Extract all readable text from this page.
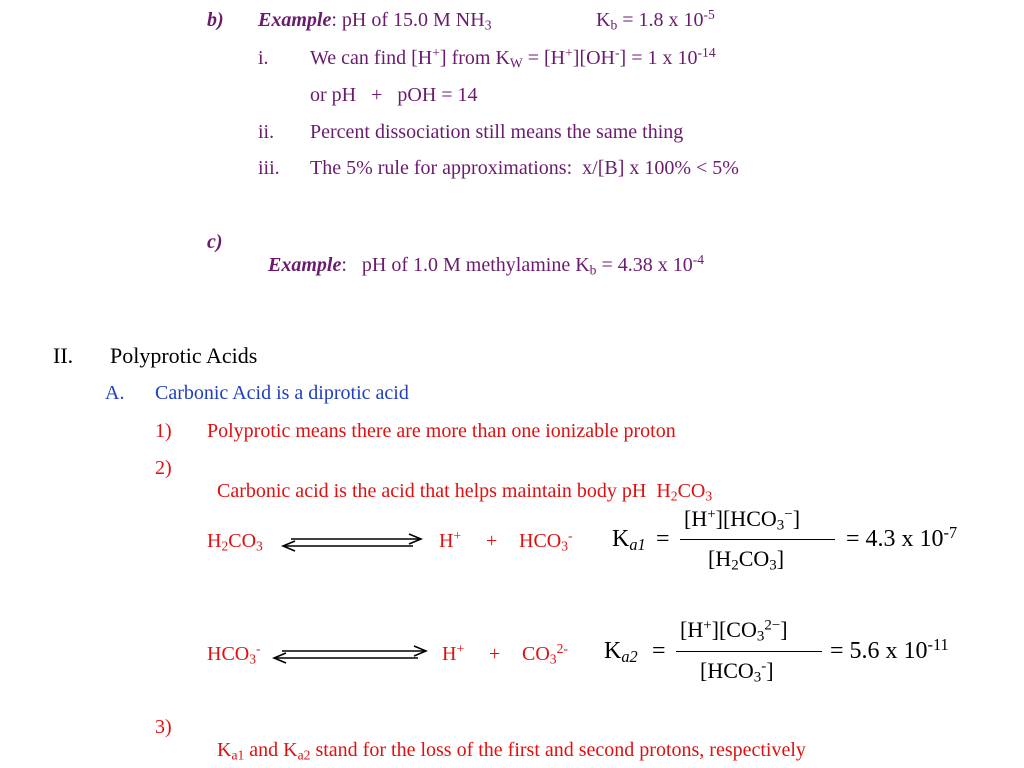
b) Example: pH of 15.0 M $NH_3$	$K_b = 1.8$ x $10^{-5}$
i. We can find [H+] from $K_W = [H^+][OH^-] = 1$ x $10^{-14}$
or pH   +   pOH = 14
ii. Percent dissociation still means the same thing
iii. The 5% rule for approximations:  x/[B] x 100% < 5%
c)

Example:   pH of 1.0 M methylamine $K_b = 4.38$ x $10^{-4}$

II. Polyprotic Acids
A. Carbonic Acid is a diprotic acid
1) Polyprotic means there are more than one ionizable proton
2)

Carbonic acid is the acid that helps maintain body pH  $H_2CO_3$

$H_2CO_3$	$H^+ + HCO_3^-$ $K_{a1}$ =
$[H^+][HCO_3^-]$
$[H_2CO_3]$
= 4.3 x $10^{-7}$
$HCO_3^-$	$H^+ + CO_3^{2-}$ $K_{a2}$ =
$[H^+][CO_3^{2-}]$
$[HCO_3^-]$
= 5.6 x $10^{-11}$
3)

$K_{a1}$ and $K_{a2}$ stand for the loss of the first and second protons, respectively
